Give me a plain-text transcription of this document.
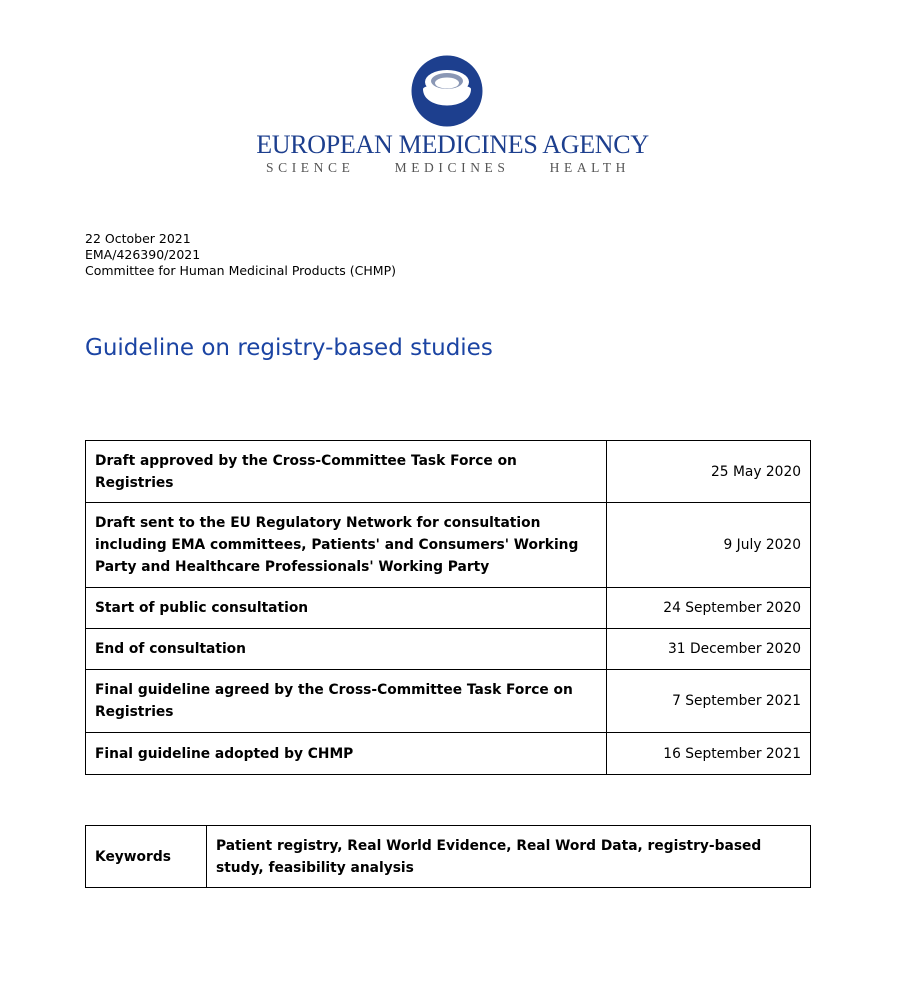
EUROPEAN MEDICINES AGENCY
SCIENCE	MEDICINES	HEALTH
22 October 2021
EMA/426390/2021
Committee for Human Medicinal Products (CHMP)
Guideline on registry-based studies
Draft approved by the Cross-Committee Task Force on Registries	25 May 2020
Draft sent to the EU Regulatory Network for consultation including EMA committees, Patients' and Consumers' Working Party and Healthcare Professionals' Working Party	9 July 2020
Start of public consultation	24 September 2020
End of consultation	31 December 2020
Final guideline agreed by the Cross-Committee Task Force on Registries	7 September 2021
Final guideline adopted by CHMP	16 September 2021
Keywords	Patient registry, Real World Evidence, Real Word Data, registry-based study, feasibility analysis
